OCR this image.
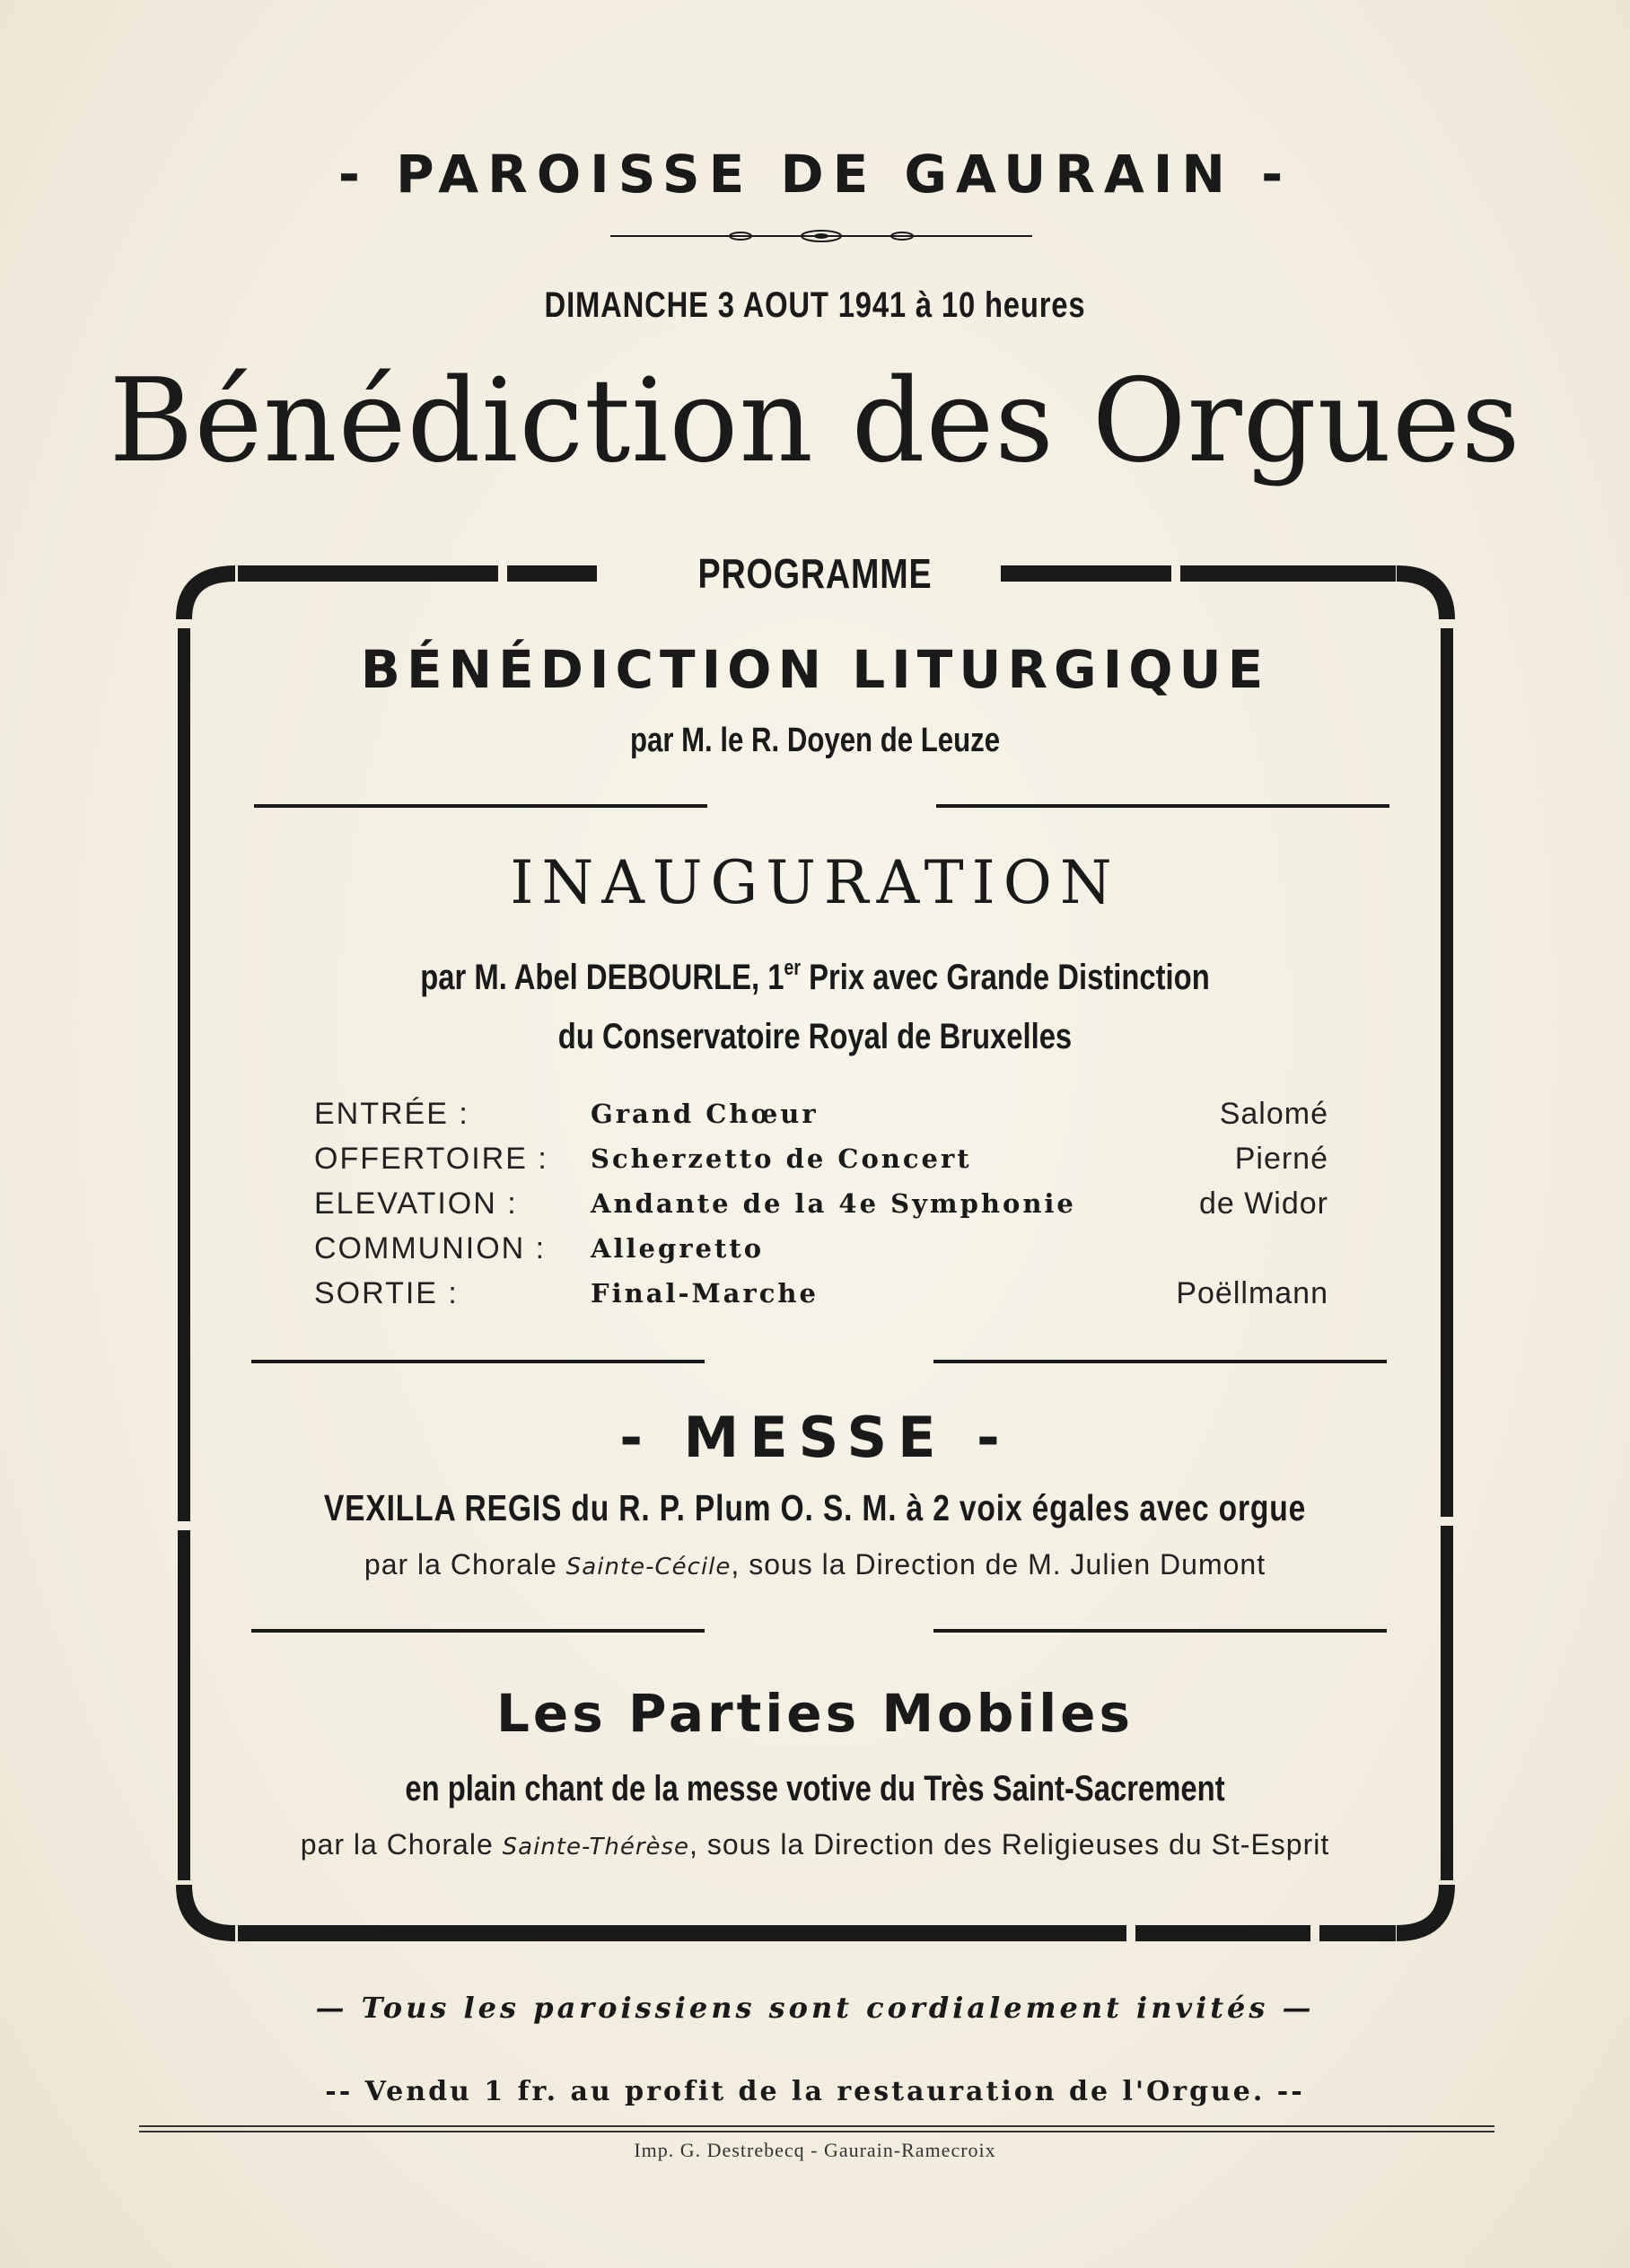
- PAROISSE DE GAURAIN -
DIMANCHE 3 AOUT 1941 à 10 heures
Bénédiction des Orgues
PROGRAMME
BÉNÉDICTION LITURGIQUE
par M. le R. Doyen de Leuze
INAUGURATION
par M. Abel DEBOURLE, 1er Prix avec Grande Distinction
du Conservatoire Royal de Bruxelles
ENTRÉE :	Grand Chœur	Salomé
OFFERTOIRE : Scherzetto de Concert	Pierné
ELEVATION :	Andante de la 4e Symphonie	de Widor
COMMUNION : Allegretto
SORTIE :	Final-Marche	Poëllmann
- MESSE -
VEXILLA REGIS du R. P. Plum O. S. M. à 2 voix égales avec orgue
par la Chorale Sainte-Cécile, sous la Direction de M. Julien Dumont
Les Parties Mobiles
en plain chant de la messe votive du Très Saint-Sacrement
par la Chorale Sainte-Thérèse, sous la Direction des Religieuses du St-Esprit
— Tous les paroissiens sont cordialement invités —
-- Vendu 1 fr. au profit de la restauration de l'Orgue. --
Imp. G. Destrebecq - Gaurain-Ramecroix
